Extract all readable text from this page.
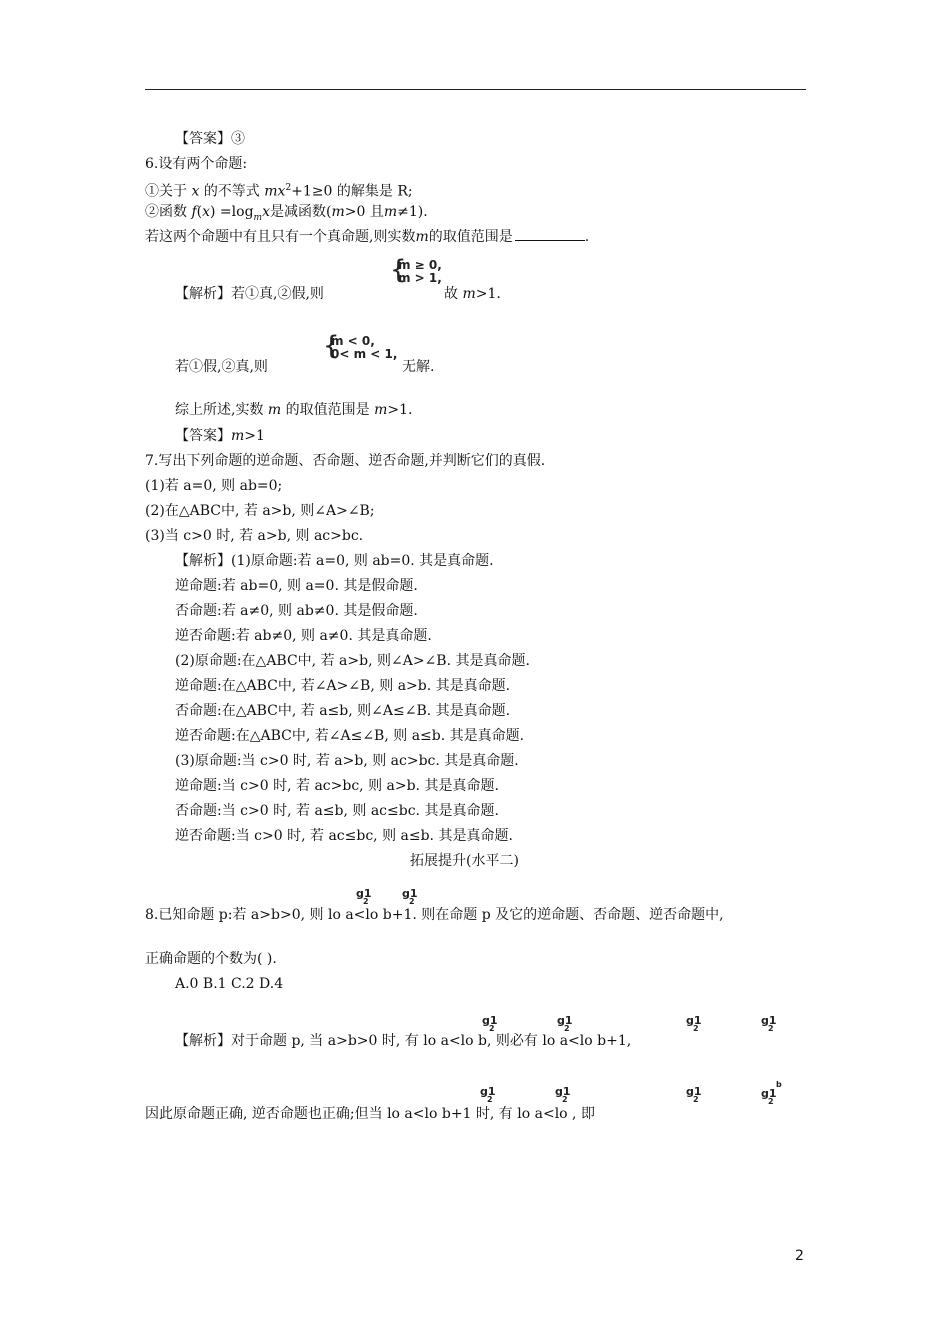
【答案】③
6.设有两个命题:
①关于 x 的不等式 $mx^2+1\ge 0$ 的解集是 R;
②函数 $f(x) =\log_mx$是减函数(m>0 且m≠1).
若这两个命题中有且只有一个真命题,则实数m的取值范围是	.
{
m ≥ 0,
m > 1,
【解析】若①真,②假,则	故 m>1.
{
m < 0,
0< m < 1,
若①假,②真,则	无解.
综上所述,实数 m 的取值范围是 m>1.
【答案】m>1
7.写出下列命题的逆命题、否命题、逆否命题,并判断它们的真假.
(1)若 a=0, 则 ab=0;
(2)在△ABC中, 若 a>b, 则∠A>∠B;
(3)当 c>0 时, 若 a>b, 则 ac>bc.
【解析】(1)原命题:若 a=0, 则 ab=0. 其是真命题.
逆命题:若 ab=0, 则 a=0. 其是假命题.
否命题:若 a≠0, 则 ab≠0. 其是假命题.
逆否命题:若 ab≠0, 则 a≠0. 其是真命题.
(2)原命题:在△ABC中, 若 a>b, 则∠A>∠B. 其是真命题.
逆命题:在△ABC中, 若∠A>∠B, 则 a>b. 其是真命题.
否命题:在△ABC中, 若 a≤b, 则∠A≤∠B. 其是真命题.
逆否命题:在△ABC中, 若∠A≤∠B, 则 a≤b. 其是真命题.
(3)原命题:当 c>0 时, 若 a>b, 则 ac>bc. 其是真命题.
逆命题:当 c>0 时, 若 ac>bc, 则 a>b. 其是真命题.
否命题:当 c>0 时, 若 a≤b, 则 ac≤bc. 其是真命题.
逆否命题:当 c>0 时, 若 ac≤bc, 则 a≤b. 其是真命题.
拓展提升(水平二)
g1
2
g1
2
8.已知命题 p:若 a>b>0, 则 lo a<lo b+1. 则在命题 p 及它的逆命题、否命题、逆否命题中,
正确命题的个数为( ).
A.0 B.1 C.2 D.4
g1
2
g1
2
g1
2
g1
2
【解析】对于命题 p, 当 a>b>0 时, 有 lo a<lo b, 则必有 lo a<lo b+1,
g1
2
g1
2
g1
2
b
g1
2
因此原命题正确, 逆否命题也正确;但当 lo a<lo b+1 时, 有 lo a<lo , 即
2
